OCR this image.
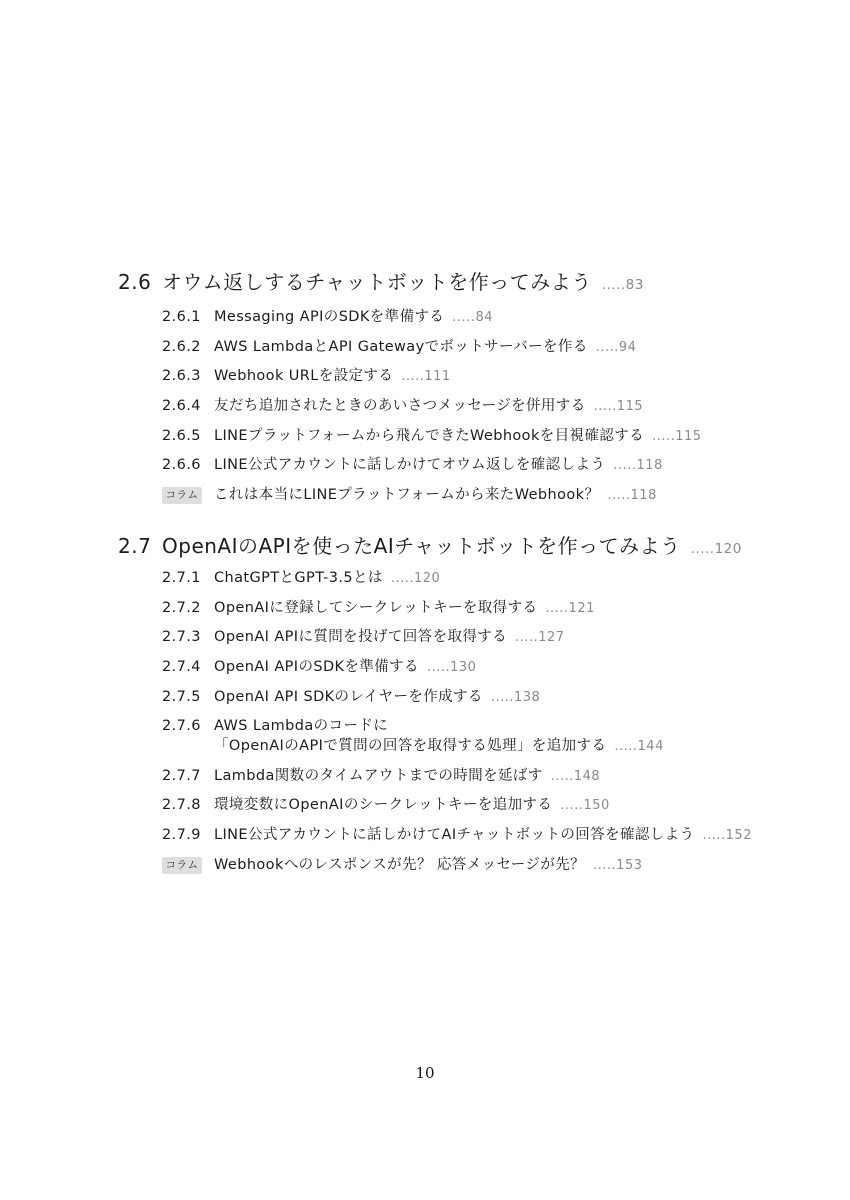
2.6 オウム返しするチャットボットを作ってみよう .....83
2.6.1 Messaging APIのSDKを準備する .....84
2.6.2 AWS LambdaとAPI Gatewayでボットサーバーを作る .....94
2.6.3 Webhook URLを設定する .....111
2.6.4 友だち追加されたときのあいさつメッセージを併用する .....115
2.6.5 LINEプラットフォームから飛んできたWebhookを目視確認する .....115
2.6.6 LINE公式アカウントに話しかけてオウム返しを確認しよう .....118
コラム これは本当にLINEプラットフォームから来たWebhook？ .....118
2.7 OpenAIのAPIを使ったAIチャットボットを作ってみよう .....120
2.7.1 ChatGPTとGPT-3.5とは .....120
2.7.2 OpenAIに登録してシークレットキーを取得する .....121
2.7.3 OpenAI APIに質問を投げて回答を取得する .....127
2.7.4 OpenAI APIのSDKを準備する .....130
2.7.5 OpenAI API SDKのレイヤーを作成する .....138
2.7.6 AWS Lambdaのコードに
「OpenAIのAPIで質問の回答を取得する処理」を追加する .....144
2.7.7 Lambda関数のタイムアウトまでの時間を延ばす .....148
2.7.8 環境変数にOpenAIのシークレットキーを追加する .....150
2.7.9 LINE公式アカウントに話しかけてAIチャットボットの回答を確認しよう .....152
コラム Webhookへのレスポンスが先？ 応答メッセージが先？ .....153
10
